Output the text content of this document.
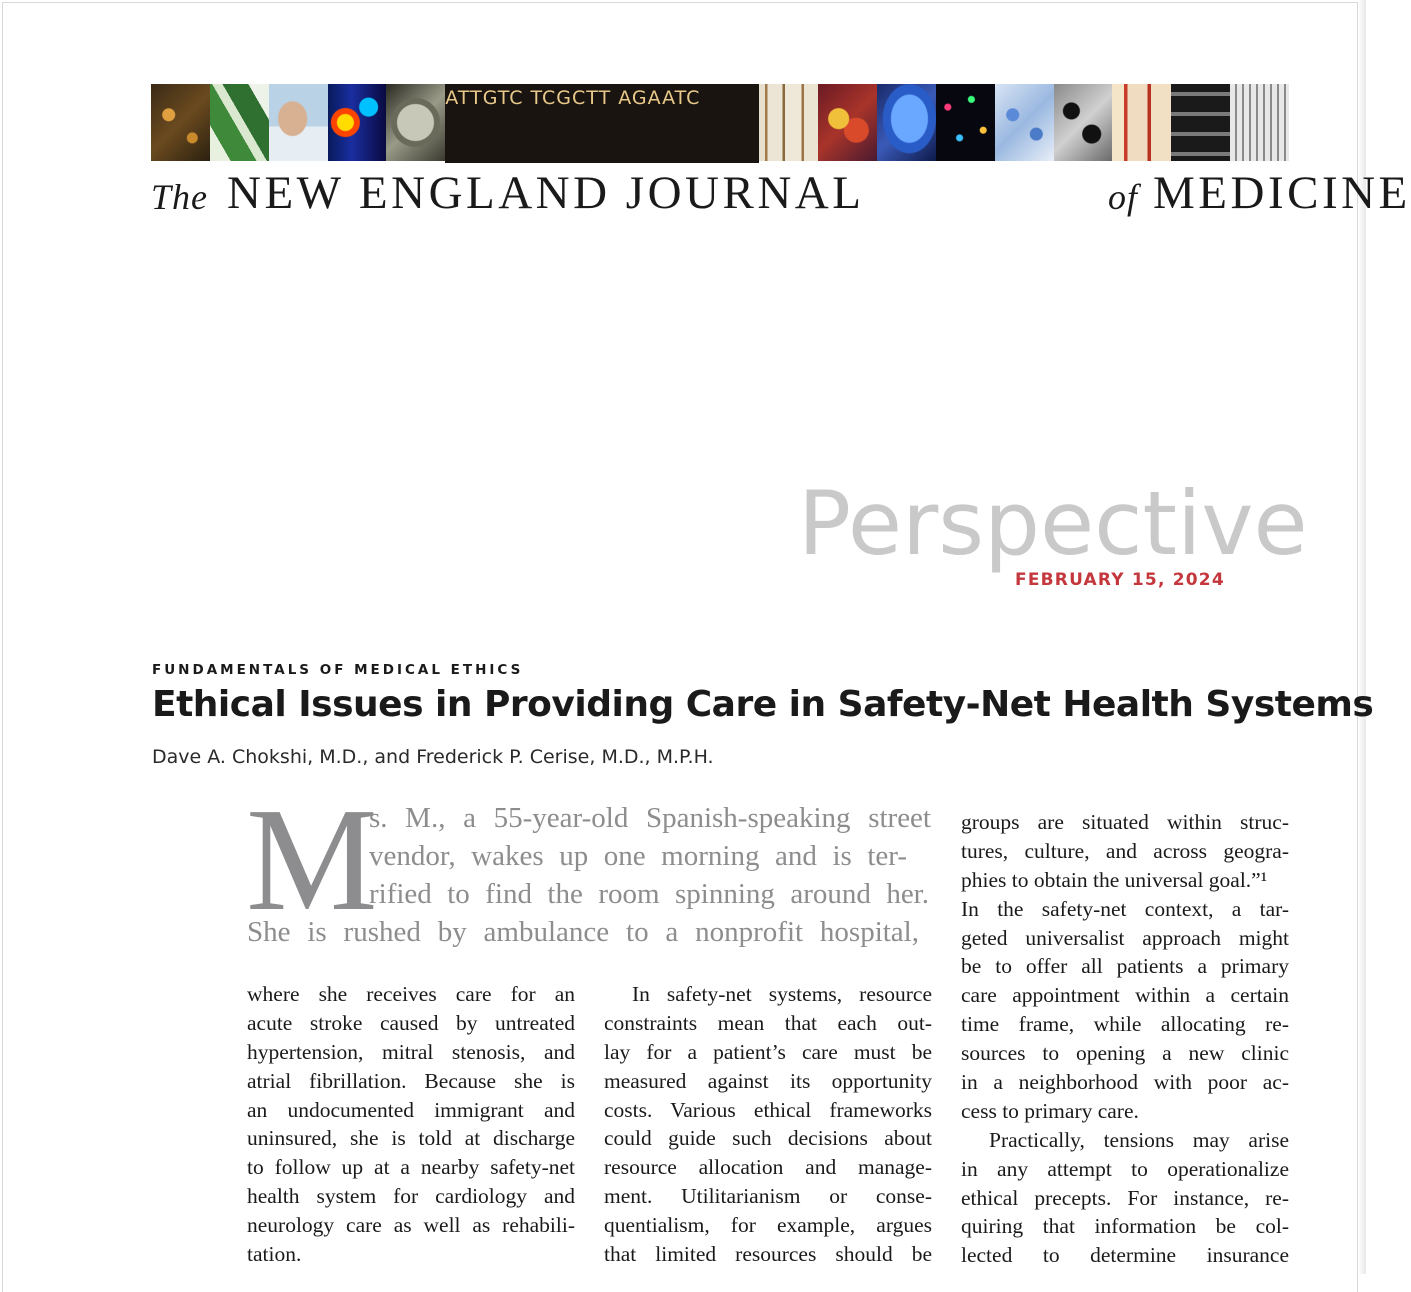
ATTGTC TCGCTT AGAATC
The NEW ENGLAND JOURNAL	of MEDICINE
Perspective
FEBRUARY 15, 2024
FUNDAMENTALS OF MEDICAL ETHICS
Ethical Issues in Providing Care in Safety-Net Health Systems
Dave A. Chokshi, M.D., and Frederick P. Cerise, M.D., M.P.H.
M
s. M., a 55-year-old Spanish-speaking street
vendor, wakes up one morning and is ter-
rified to find the room spinning around her.
She is rushed by ambulance to a nonprofit hospital,
where she receives care for an
acute stroke caused by untreated
hypertension, mitral stenosis, and
atrial fibrillation. Because she is
an undocumented immigrant and
uninsured, she is told at discharge
to follow up at a nearby safety-net
health system for cardiology and
neurology care as well as rehabili-
tation.
In safety-net systems, resource
constraints mean that each out-
lay for a patient’s care must be
measured against its opportunity
costs. Various ethical frameworks
could guide such decisions about
resource allocation and manage-
ment. Utilitarianism or conse-
quentialism, for example, argues
that limited resources should be
groups are situated within struc-
tures, culture, and across geogra-
phies to obtain the universal goal.”¹
In the safety-net context, a tar-
geted universalist approach might
be to offer all patients a primary
care appointment within a certain
time frame, while allocating re-
sources to opening a new clinic
in a neighborhood with poor ac-
cess to primary care.
Practically, tensions may arise
in any attempt to operationalize
ethical precepts. For instance, re-
quiring that information be col-
lected to determine insurance
